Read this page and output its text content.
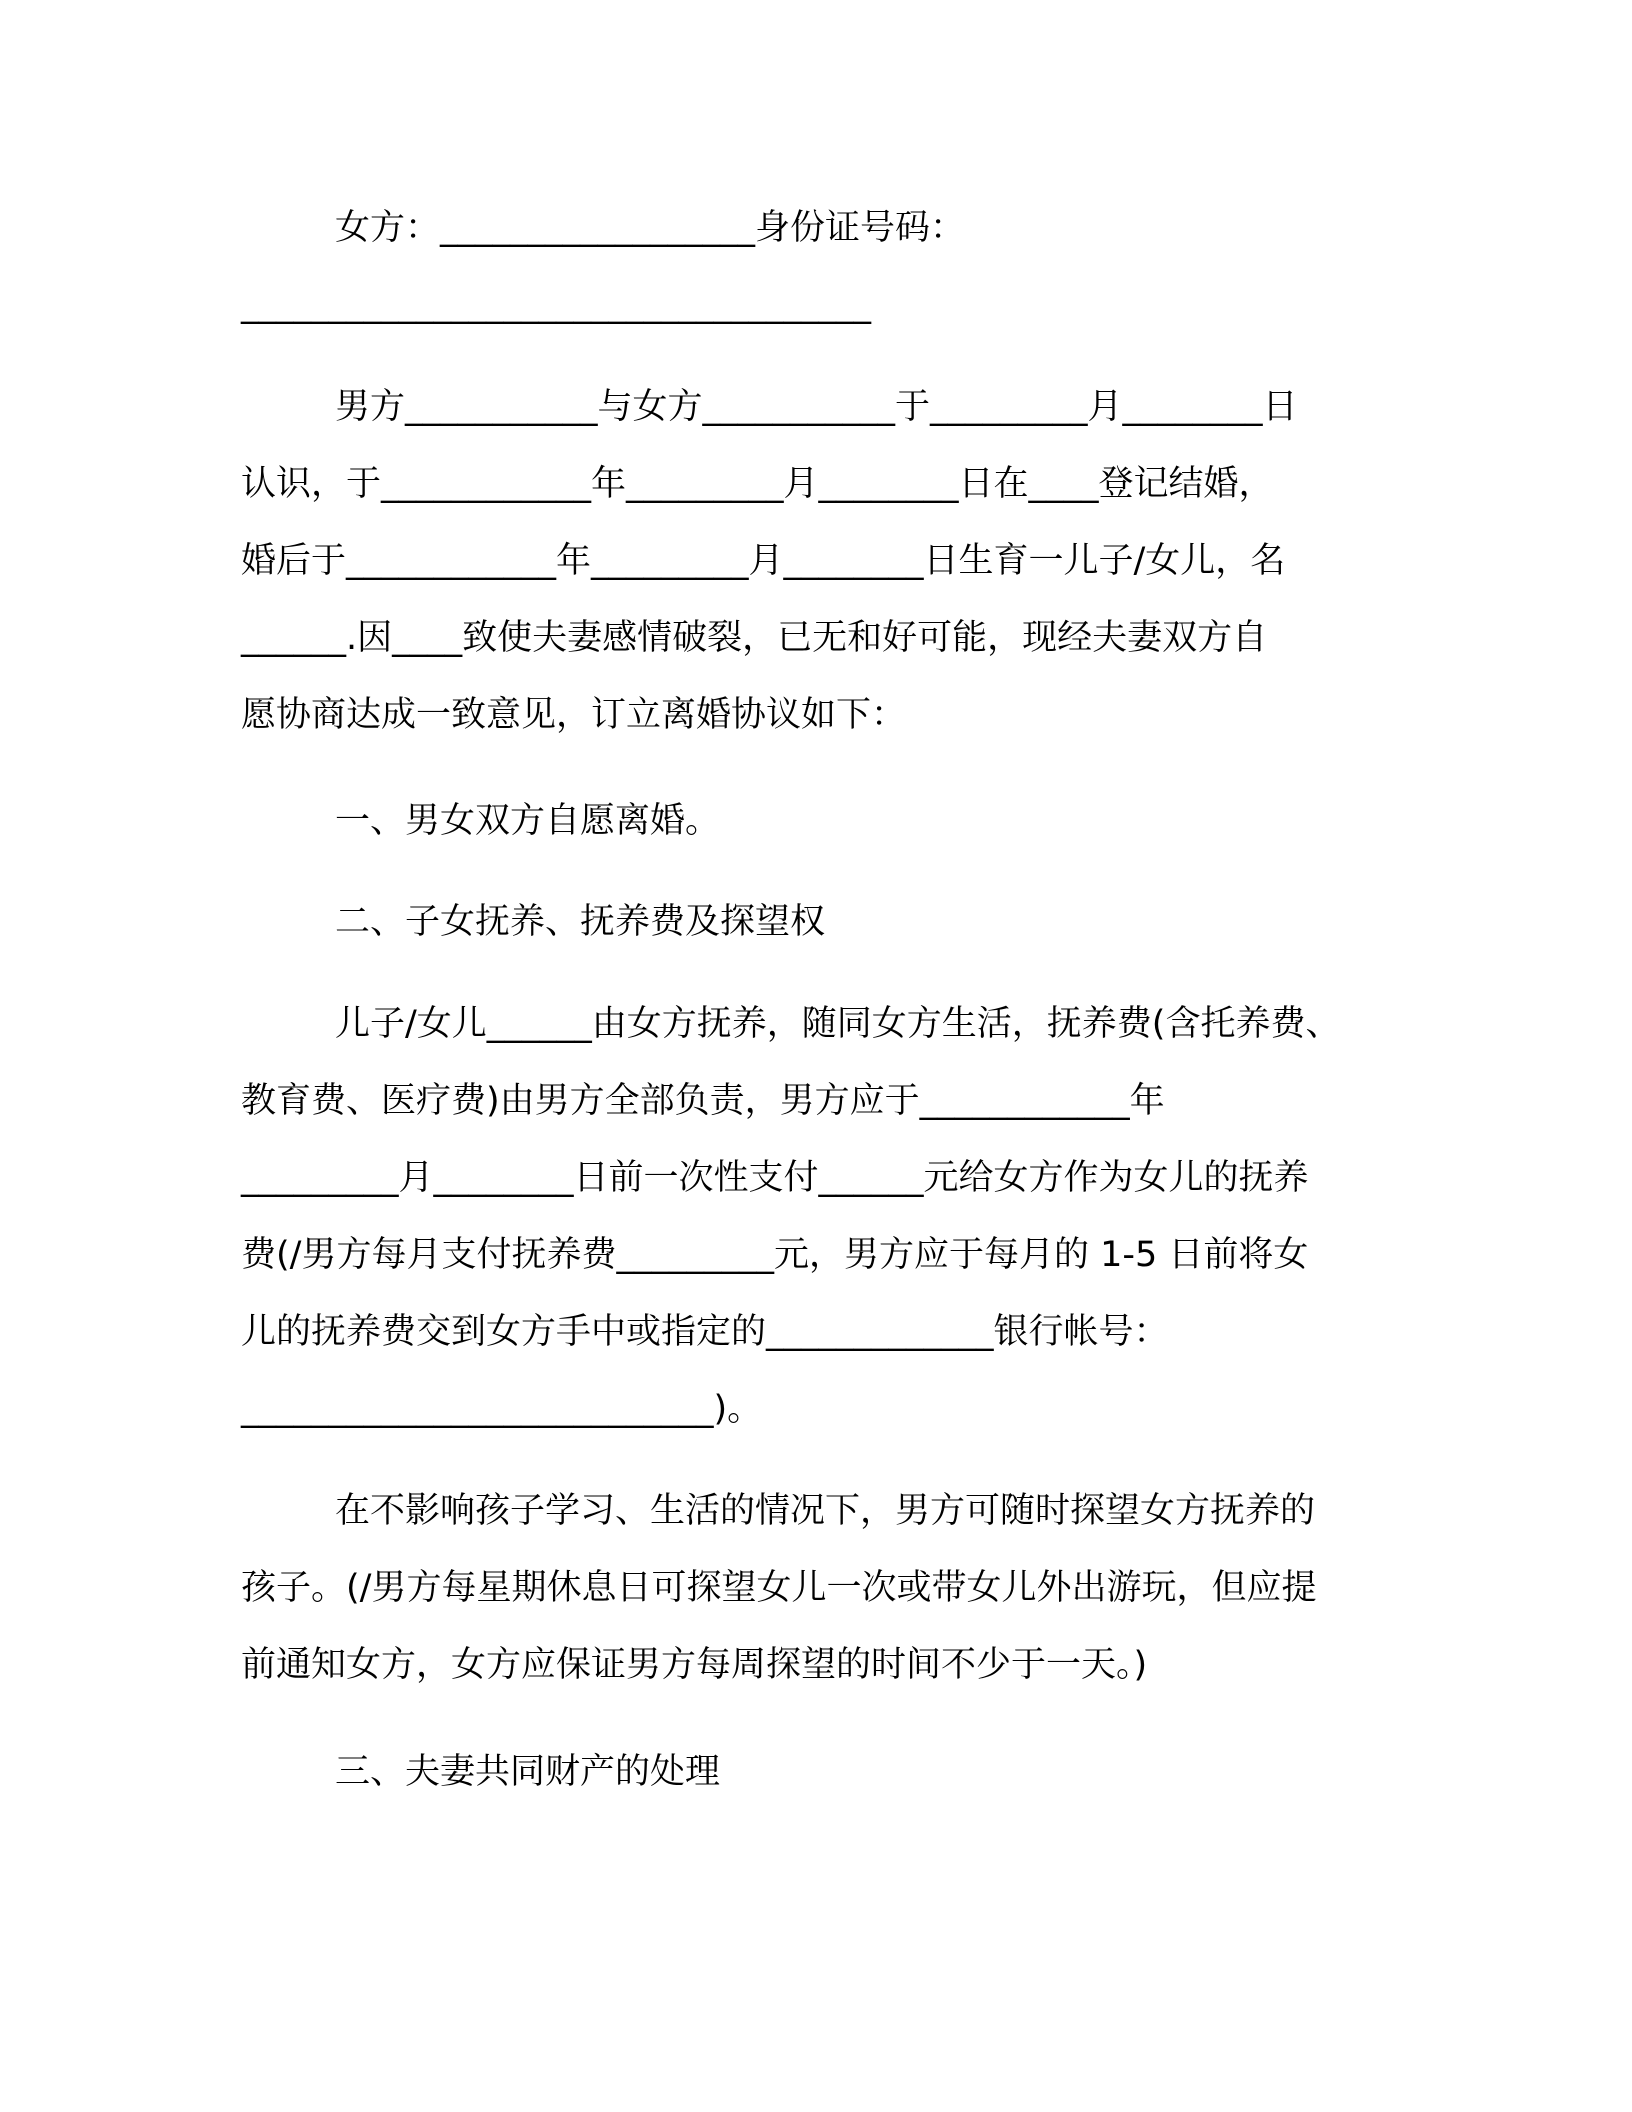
女方：__________________身份证号码：

____________________________________

男方___________与女方___________于_________月________日

认识，于____________年_________月________日在____登记结婚，

婚后于____________年_________月________日生育一儿子/女儿，名

______.因____致使夫妻感情破裂，已无和好可能，现经夫妻双方自

愿协商达成一致意见，订立离婚协议如下：

一、男女双方自愿离婚。

二、子女抚养、抚养费及探望权

儿子/女儿______由女方抚养，随同女方生活，抚养费(含托养费、

教育费、医疗费)由男方全部负责，男方应于____________年

_________月________日前一次性支付______元给女方作为女儿的抚养

费(/男方每月支付抚养费_________元，男方应于每月的 1-5 日前将女

儿的抚养费交到女方手中或指定的_____________银行帐号：

___________________________)。

在不影响孩子学习、生活的情况下，男方可随时探望女方抚养的

孩子。(/男方每星期休息日可探望女儿一次或带女儿外出游玩，但应提

前通知女方，女方应保证男方每周探望的时间不少于一天。)

三、夫妻共同财产的处理
